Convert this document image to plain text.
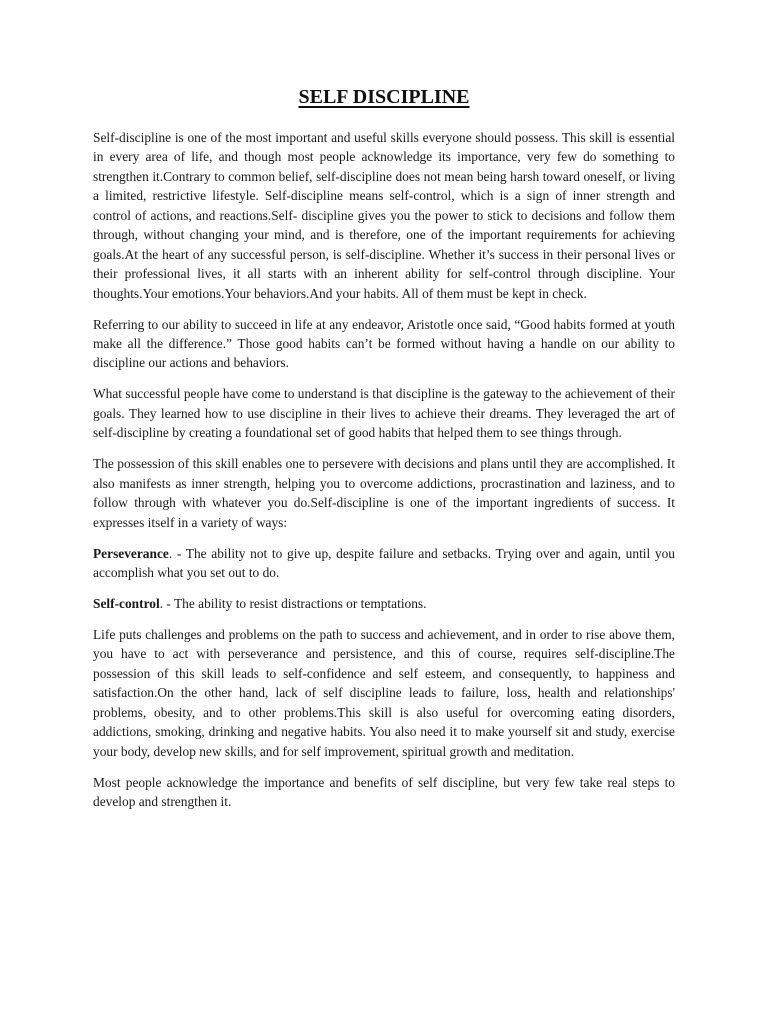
SELF DISCIPLINE

Self-discipline is one of the most important and useful skills everyone should possess. This skill is essential in every area of life, and though most people acknowledge its importance, very few do something to strengthen it.Contrary to common belief, self-discipline does not mean being harsh toward oneself, or living a limited, restrictive lifestyle. Self-discipline means self-control, which is a sign of inner strength and control of actions, and reactions.Self- discipline gives you the power to stick to decisions and follow them through, without changing your mind, and is therefore, one of the important requirements for achieving goals.At the heart of any successful person, is self-discipline. Whether it’s success in their personal lives or their professional lives, it all starts with an inherent ability for self-control through discipline. Your thoughts.Your emotions.Your behaviors.And your habits. All of them must be kept in check.

Referring to our ability to succeed in life at any endeavor, Aristotle once said, “Good habits formed at youth make all the difference.” Those good habits can’t be formed without having a handle on our ability to discipline our actions and behaviors.

What successful people have come to understand is that discipline is the gateway to the achievement of their goals. They learned how to use discipline in their lives to achieve their dreams. They leveraged the art of self-discipline by creating a foundational set of good habits that helped them to see things through.

The possession of this skill enables one to persevere with decisions and plans until they are accomplished. It also manifests as inner strength, helping you to overcome addictions, procrastination and laziness, and to follow through with whatever you do.Self-discipline is one of the important ingredients of success. It expresses itself in a variety of ways:

Perseverance. - The ability not to give up, despite failure and setbacks. Trying over and again, until you accomplish what you set out to do.

Self-control. - The ability to resist distractions or temptations.

Life puts challenges and problems on the path to success and achievement, and in order to rise above them, you have to act with perseverance and persistence, and this of course, requires self-discipline.The possession of this skill leads to self-confidence and self esteem, and consequently, to happiness and satisfaction.On the other hand, lack of self discipline leads to failure, loss, health and relationships' problems, obesity, and to other problems.This skill is also useful for overcoming eating disorders, addictions, smoking, drinking and negative habits. You also need it to make yourself sit and study, exercise your body, develop new skills, and for self improvement, spiritual growth and meditation.

Most people acknowledge the importance and benefits of self discipline, but very few take real steps to develop and strengthen it.
